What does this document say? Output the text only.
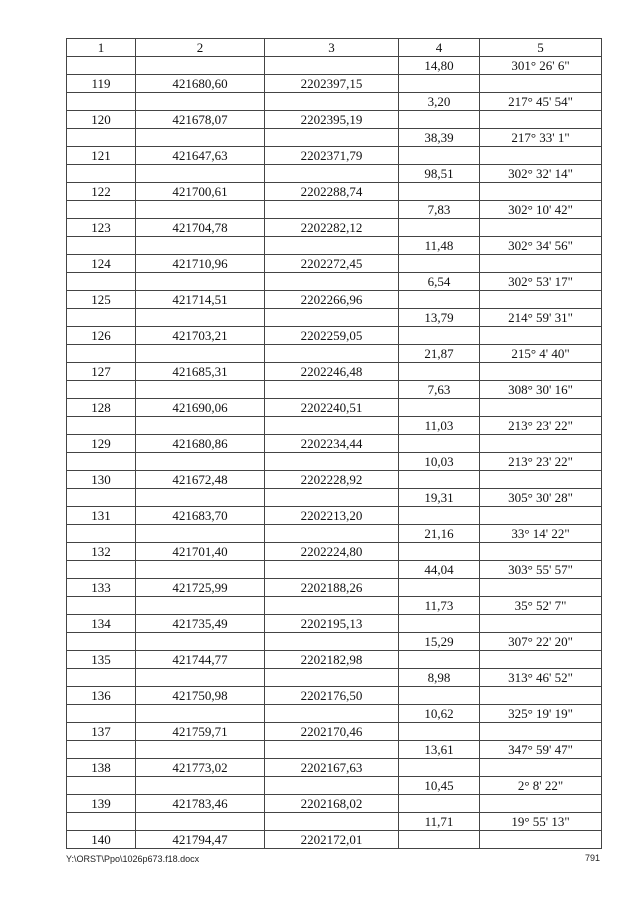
1	2	3	4	5
			14,80	301° 26' 6"
119	421680,60	2202397,15		
			3,20	217° 45' 54"
120	421678,07	2202395,19		
			38,39	217° 33' 1"
121	421647,63	2202371,79		
			98,51	302° 32' 14"
122	421700,61	2202288,74		
			7,83	302° 10' 42"
123	421704,78	2202282,12		
			11,48	302° 34' 56"
124	421710,96	2202272,45		
			6,54	302° 53' 17"
125	421714,51	2202266,96		
			13,79	214° 59' 31"
126	421703,21	2202259,05		
			21,87	215° 4' 40"
127	421685,31	2202246,48		
			7,63	308° 30' 16"
128	421690,06	2202240,51		
			11,03	213° 23' 22"
129	421680,86	2202234,44		
			10,03	213° 23' 22"
130	421672,48	2202228,92		
			19,31	305° 30' 28"
131	421683,70	2202213,20		
			21,16	33° 14' 22"
132	421701,40	2202224,80		
			44,04	303° 55' 57"
133	421725,99	2202188,26		
			11,73	35° 52' 7"
134	421735,49	2202195,13		
			15,29	307° 22' 20"
135	421744,77	2202182,98		
			8,98	313° 46' 52"
136	421750,98	2202176,50		
			10,62	325° 19' 19"
137	421759,71	2202170,46		
			13,61	347° 59' 47"
138	421773,02	2202167,63		
			10,45	2° 8' 22"
139	421783,46	2202168,02		
			11,71	19° 55' 13"
140	421794,47	2202172,01		
Y:\ORST\Ppo\1026p673.f18.docx	791
